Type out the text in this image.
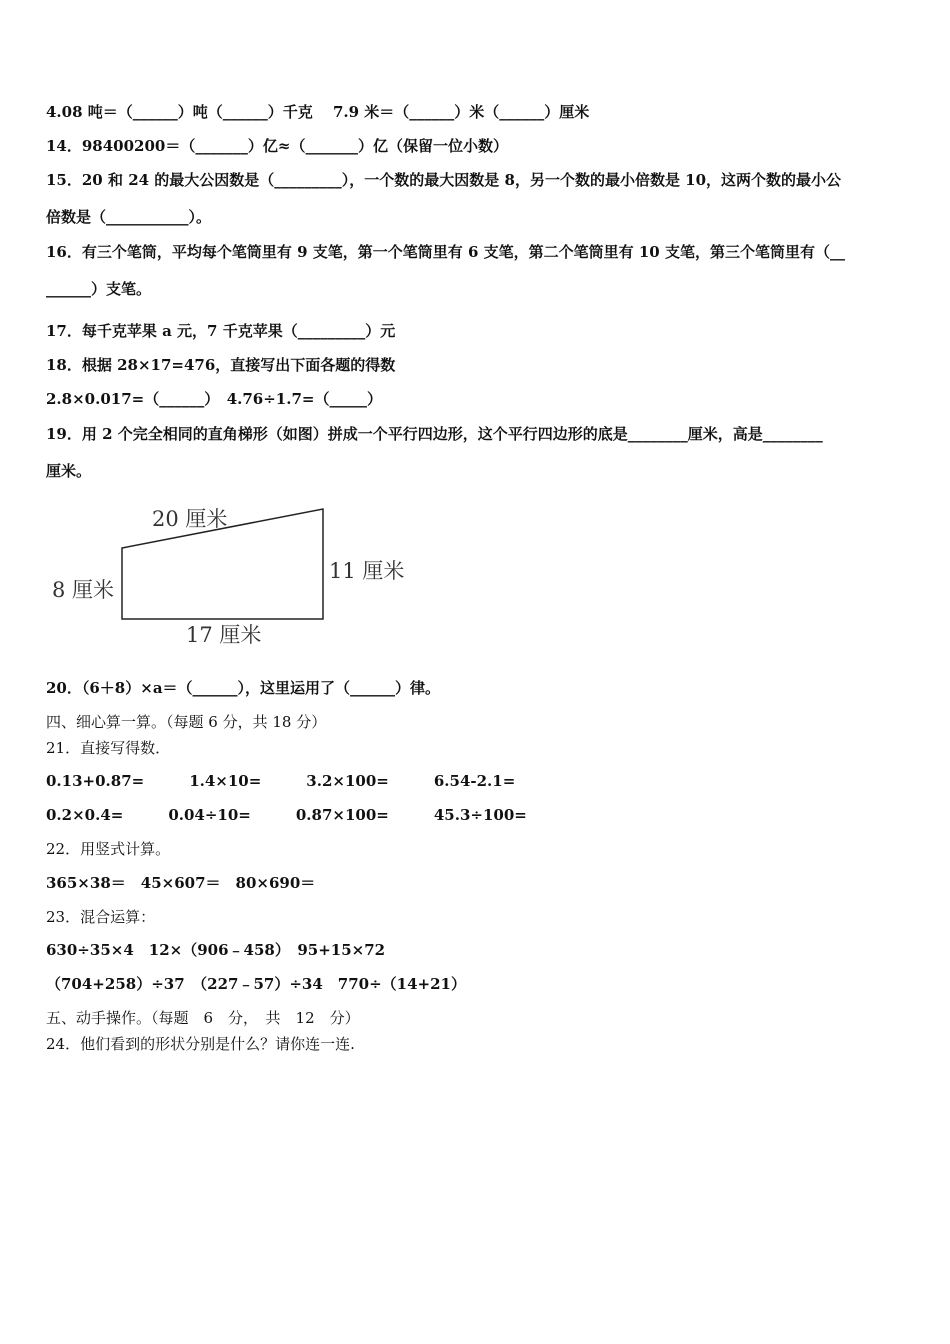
4.08 吨＝（______）吨（______）千克　 7.9 米＝（______）米（______）厘米
14．98400200＝（_______）亿≈（_______）亿（保留一位小数）
15．20 和 24 的最大公因数是（_________），一个数的最大因数是 8，另一个数的最小倍数是 10，这两个数的最小公
倍数是（___________）。
16．有三个笔筒，平均每个笔筒里有 9 支笔，第一个笔筒里有 6 支笔，第二个笔筒里有 10 支笔，第三个笔筒里有（__
______）支笔。
17．每千克苹果 a 元，7 千克苹果（_________）元
18．根据 28×17=476，直接写出下面各题的得数
2.8×0.017=（______）　4.76÷1.7=（_____）
19．用 2 个完全相同的直角梯形（如图）拼成一个平行四边形，这个平行四边形的底是________厘米，高是________
厘米。
20 厘米
8 厘米
11 厘米
17 厘米
20．（6＋8）×a＝（______），这里运用了（______）律。
四、细心算一算。（每题 6 分，共 18 分）
21．直接写得数．
0.13+0.87=　　　1.4×10=　　　3.2×100=　　　6.54-2.1=
0.2×0.4=　　　0.04÷10=　　　0.87×100=　　　45.3÷100=
22．用竖式计算。
365×38＝　45×607＝　80×690＝
23．混合运算：
630÷35×4　12×（906﹣458）　95+15×72
（704+258）÷37　（227﹣57）÷34　770÷（14+21）
五、动手操作。（每题　6　分，　共　12　分）
24．他们看到的形状分别是什么？请你连一连.
